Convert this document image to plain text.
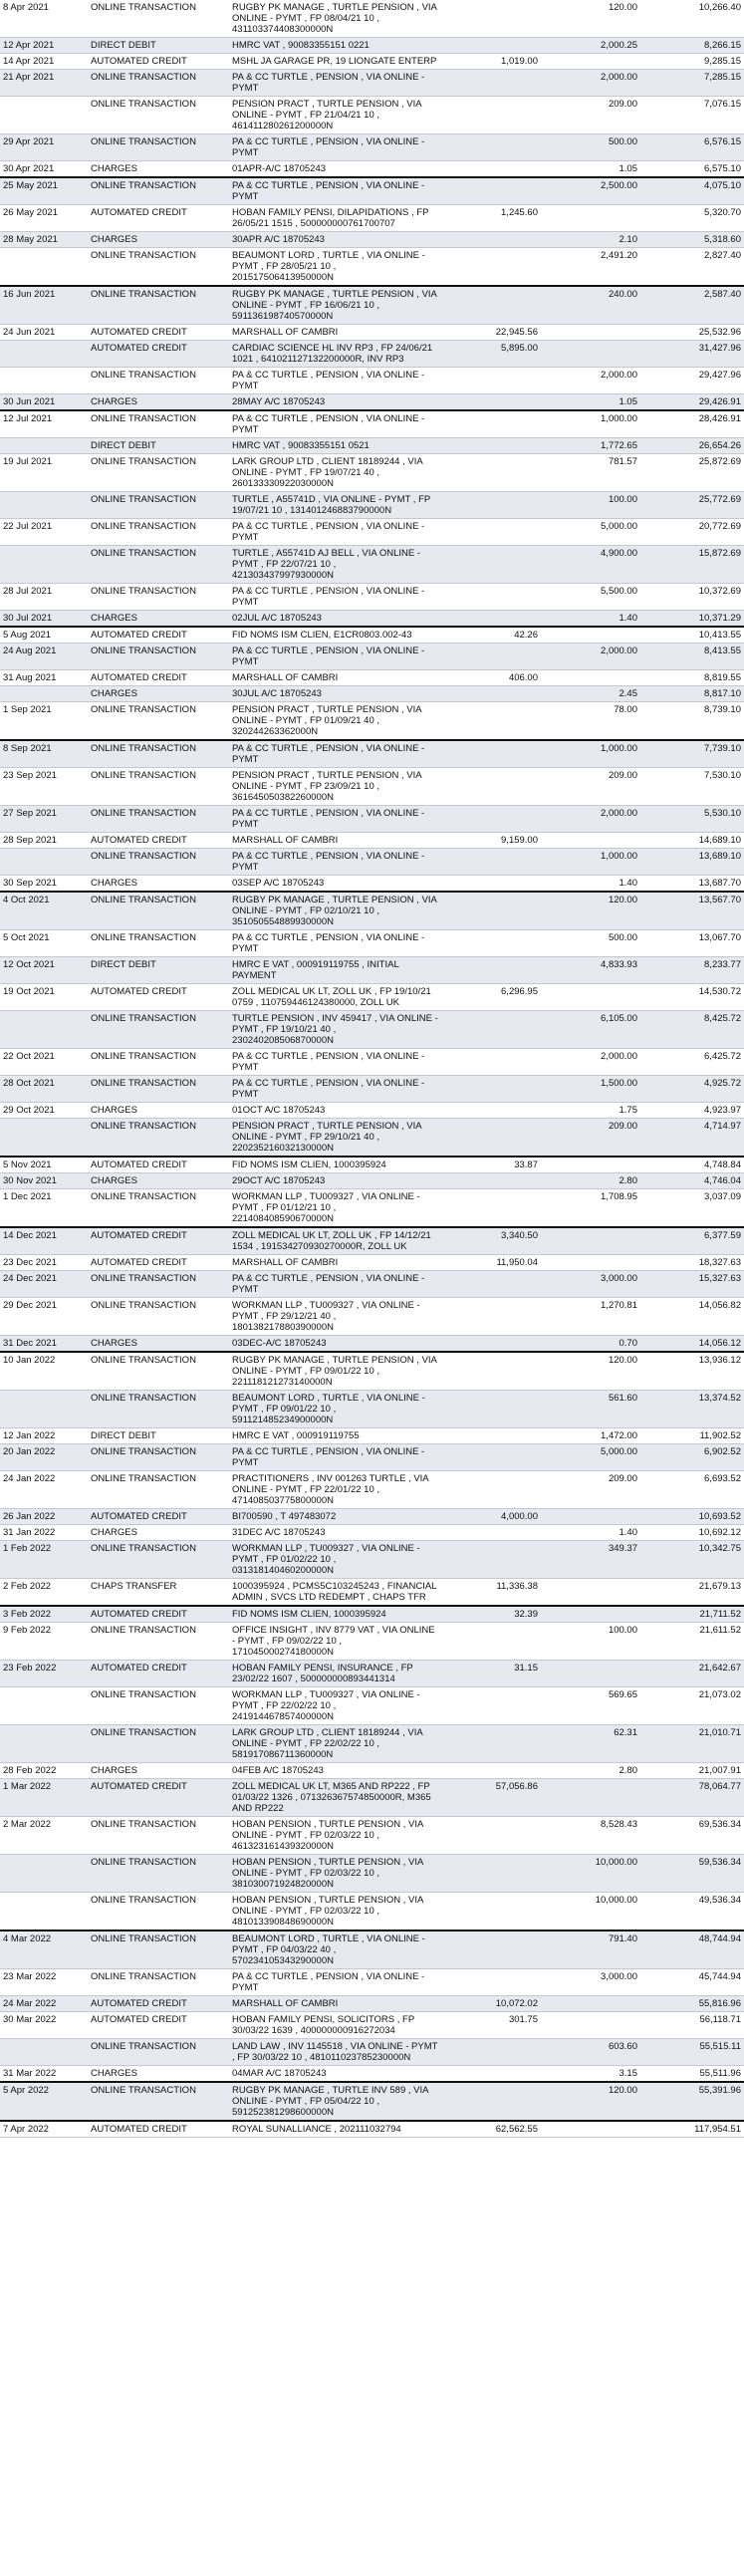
8 Apr 2021	ONLINE TRANSACTION	RUGBY PK MANAGE , TURTLE PENSION , VIA ONLINE - PYMT , FP 08/04/21 10 , 431103374408300000N		120.00	10,266.40
12 Apr 2021	DIRECT DEBIT	HMRC VAT , 90083355151 0221		2,000.25	8,266.15
14 Apr 2021	AUTOMATED CREDIT	MSHL JA GARAGE PR, 19 LIONGATE ENTERP	1,019.00		9,285.15
21 Apr 2021	ONLINE TRANSACTION	PA & CC TURTLE , PENSION , VIA ONLINE - PYMT		2,000.00	7,285.15
	ONLINE TRANSACTION	PENSION PRACT , TURTLE PENSION , VIA ONLINE - PYMT , FP 21/04/21 10 , 461411280261200000N		209.00	7,076.15
29 Apr 2021	ONLINE TRANSACTION	PA & CC TURTLE , PENSION , VIA ONLINE - PYMT		500.00	6,576.15
30 Apr 2021	CHARGES	01APR-A/C 18705243		1.05	6,575.10
25 May 2021	ONLINE TRANSACTION	PA & CC TURTLE , PENSION , VIA ONLINE - PYMT		2,500.00	4,075.10
26 May 2021	AUTOMATED CREDIT	HOBAN FAMILY PENSI, DILAPIDATIONS , FP 26/05/21 1515 , 500000000761700707	1,245.60		5,320.70
28 May 2021	CHARGES	30APR A/C 18705243		2.10	5,318.60
	ONLINE TRANSACTION	BEAUMONT LORD , TURTLE , VIA ONLINE - PYMT , FP 28/05/21 10 , 201517506413950000N		2,491.20	2,827.40
16 Jun 2021	ONLINE TRANSACTION	RUGBY PK MANAGE , TURTLE PENSION , VIA ONLINE - PYMT , FP 16/06/21 10 , 591136198740570000N		240.00	2,587.40
24 Jun 2021	AUTOMATED CREDIT	MARSHALL OF CAMBRI	22,945.56		25,532.96
	AUTOMATED CREDIT	CARDIAC SCIENCE HL INV RP3 , FP 24/06/21 1021 , 641021127132200000R, INV RP3	5,895.00		31,427.96
	ONLINE TRANSACTION	PA & CC TURTLE , PENSION , VIA ONLINE - PYMT		2,000.00	29,427.96
30 Jun 2021	CHARGES	28MAY A/C 18705243		1.05	29,426.91
12 Jul 2021	ONLINE TRANSACTION	PA & CC TURTLE , PENSION , VIA ONLINE - PYMT		1,000.00	28,426.91
	DIRECT DEBIT	HMRC VAT , 90083355151 0521		1,772.65	26,654.26
19 Jul 2021	ONLINE TRANSACTION	LARK GROUP LTD , CLIENT 18189244 , VIA ONLINE - PYMT , FP 19/07/21 40 , 260133330922030000N		781.57	25,872.69
	ONLINE TRANSACTION	TURTLE , A55741D , VIA ONLINE - PYMT , FP 19/07/21 10 , 131401246883790000N		100.00	25,772.69
22 Jul 2021	ONLINE TRANSACTION	PA & CC TURTLE , PENSION , VIA ONLINE - PYMT		5,000.00	20,772.69
	ONLINE TRANSACTION	TURTLE , A55741D AJ BELL , VIA ONLINE - PYMT , FP 22/07/21 10 , 421303437997930000N		4,900.00	15,872.69
28 Jul 2021	ONLINE TRANSACTION	PA & CC TURTLE , PENSION , VIA ONLINE - PYMT		5,500.00	10,372.69
30 Jul 2021	CHARGES	02JUL A/C 18705243		1.40	10,371.29
5 Aug 2021	AUTOMATED CREDIT	FID NOMS ISM CLIEN, E1CR0803.002-43	42.26		10,413.55
24 Aug 2021	ONLINE TRANSACTION	PA & CC TURTLE , PENSION , VIA ONLINE - PYMT		2,000.00	8,413.55
31 Aug 2021	AUTOMATED CREDIT	MARSHALL OF CAMBRI	406.00		8,819.55
	CHARGES	30JUL A/C 18705243		2.45	8,817.10
1 Sep 2021	ONLINE TRANSACTION	PENSION PRACT , TURTLE PENSION , VIA ONLINE - PYMT , FP 01/09/21 40 , 320244263362000N		78.00	8,739.10
8 Sep 2021	ONLINE TRANSACTION	PA & CC TURTLE , PENSION , VIA ONLINE - PYMT		1,000.00	7,739.10
23 Sep 2021	ONLINE TRANSACTION	PENSION PRACT , TURTLE PENSION , VIA ONLINE - PYMT , FP 23/09/21 10 , 361645050382260000N		209.00	7,530.10
27 Sep 2021	ONLINE TRANSACTION	PA & CC TURTLE , PENSION , VIA ONLINE - PYMT		2,000.00	5,530.10
28 Sep 2021	AUTOMATED CREDIT	MARSHALL OF CAMBRI	9,159.00		14,689.10
	ONLINE TRANSACTION	PA & CC TURTLE , PENSION , VIA ONLINE - PYMT		1,000.00	13,689.10
30 Sep 2021	CHARGES	03SEP A/C 18705243		1.40	13,687.70
4 Oct 2021	ONLINE TRANSACTION	RUGBY PK MANAGE , TURTLE PENSION , VIA ONLINE - PYMT , FP 02/10/21 10 , 351050554889930000N		120.00	13,567.70
5 Oct 2021	ONLINE TRANSACTION	PA & CC TURTLE , PENSION , VIA ONLINE - PYMT		500.00	13,067.70
12 Oct 2021	DIRECT DEBIT	HMRC E VAT , 000919119755 , INITIAL PAYMENT		4,833.93	8,233.77
19 Oct 2021	AUTOMATED CREDIT	ZOLL MEDICAL UK LT, ZOLL UK , FP 19/10/21 0759 , 110759446124380000, ZOLL UK	6,296.95		14,530.72
	ONLINE TRANSACTION	TURTLE PENSION , INV 459417 , VIA ONLINE - PYMT , FP 19/10/21 40 , 230240208506870000N		6,105.00	8,425.72
22 Oct 2021	ONLINE TRANSACTION	PA & CC TURTLE , PENSION , VIA ONLINE - PYMT		2,000.00	6,425.72
28 Oct 2021	ONLINE TRANSACTION	PA & CC TURTLE , PENSION , VIA ONLINE - PYMT		1,500.00	4,925.72
29 Oct 2021	CHARGES	01OCT A/C 18705243		1.75	4,923.97
	ONLINE TRANSACTION	PENSION PRACT , TURTLE PENSION , VIA ONLINE - PYMT , FP 29/10/21 40 , 220235216032130000N		209.00	4,714.97
5 Nov 2021	AUTOMATED CREDIT	FID NOMS ISM CLIEN, 1000395924	33.87		4,748.84
30 Nov 2021	CHARGES	29OCT A/C 18705243		2.80	4,746.04
1 Dec 2021	ONLINE TRANSACTION	WORKMAN LLP , TU009327 , VIA ONLINE - PYMT , FP 01/12/21 10 , 221408408590670000N		1,708.95	3,037.09
14 Dec 2021	AUTOMATED CREDIT	ZOLL MEDICAL UK LT, ZOLL UK , FP 14/12/21 1534 , 191534270930270000R, ZOLL UK	3,340.50		6,377.59
23 Dec 2021	AUTOMATED CREDIT	MARSHALL OF CAMBRI	11,950.04		18,327.63
24 Dec 2021	ONLINE TRANSACTION	PA & CC TURTLE , PENSION , VIA ONLINE - PYMT		3,000.00	15,327.63
29 Dec 2021	ONLINE TRANSACTION	WORKMAN LLP , TU009327 , VIA ONLINE - PYMT , FP 29/12/21 40 , 180138217880390000N		1,270.81	14,056.82
31 Dec 2021	CHARGES	03DEC-A/C 18705243		0.70	14,056.12
10 Jan 2022	ONLINE TRANSACTION	RUGBY PK MANAGE , TURTLE PENSION , VIA ONLINE - PYMT , FP 09/01/22 10 , 221118121273140000N		120.00	13,936.12
	ONLINE TRANSACTION	BEAUMONT LORD , TURTLE , VIA ONLINE - PYMT , FP 09/01/22 10 , 591121485234900000N		561.60	13,374.52
12 Jan 2022	DIRECT DEBIT	HMRC E VAT , 000919119755		1,472.00	11,902.52
20 Jan 2022	ONLINE TRANSACTION	PA & CC TURTLE , PENSION , VIA ONLINE - PYMT		5,000.00	6,902.52
24 Jan 2022	ONLINE TRANSACTION	PRACTITIONERS , INV 001263 TURTLE , VIA ONLINE - PYMT , FP 22/01/22 10 , 471408503775800000N		209.00	6,693.52
26 Jan 2022	AUTOMATED CREDIT	BI700590 , T 497483072	4,000.00		10,693.52
31 Jan 2022	CHARGES	31DEC A/C 18705243		1.40	10,692.12
1 Feb 2022	ONLINE TRANSACTION	WORKMAN LLP , TU009327 , VIA ONLINE - PYMT , FP 01/02/22 10 , 031318140460200000N		349.37	10,342.75
2 Feb 2022	CHAPS TRANSFER	1000395924 , PCMS5C103245243 , FINANCIAL ADMIN , SVCS LTD REDEMPT , CHAPS TFR	11,336.38		21,679.13
3 Feb 2022	AUTOMATED CREDIT	FID NOMS ISM CLIEN, 1000395924	32.39		21,711.52
9 Feb 2022	ONLINE TRANSACTION	OFFICE INSIGHT , INV 8779 VAT , VIA ONLINE - PYMT , FP 09/02/22 10 , 171045000274180000N		100.00	21,611.52
23 Feb 2022	AUTOMATED CREDIT	HOBAN FAMILY PENSI, INSURANCE , FP 23/02/22 1607 , 500000000893441314	31.15		21,642.67
	ONLINE TRANSACTION	WORKMAN LLP , TU009327 , VIA ONLINE - PYMT , FP 22/02/22 10 , 241914467857400000N		569.65	21,073.02
	ONLINE TRANSACTION	LARK GROUP LTD , CLIENT 18189244 , VIA ONLINE - PYMT , FP 22/02/22 10 , 581917086711360000N		62.31	21,010.71
28 Feb 2022	CHARGES	04FEB A/C 18705243		2.80	21,007.91
1 Mar 2022	AUTOMATED CREDIT	ZOLL MEDICAL UK LT, M365 AND RP222 , FP 01/03/22 1326 , 071326367574850000R, M365 AND RP222	57,056.86		78,064.77
2 Mar 2022	ONLINE TRANSACTION	HOBAN PENSION , TURTLE PENSION , VIA ONLINE - PYMT , FP 02/03/22 10 , 461323161439320000N		8,528.43	69,536.34
	ONLINE TRANSACTION	HOBAN PENSION , TURTLE PENSION , VIA ONLINE - PYMT , FP 02/03/22 10 , 381030071924820000N		10,000.00	59,536.34
	ONLINE TRANSACTION	HOBAN PENSION , TURTLE PENSION , VIA ONLINE - PYMT , FP 02/03/22 10 , 481013390848690000N		10,000.00	49,536.34
4 Mar 2022	ONLINE TRANSACTION	BEAUMONT LORD , TURTLE , VIA ONLINE - PYMT , FP 04/03/22 40 , 570234105343290000N		791.40	48,744.94
23 Mar 2022	ONLINE TRANSACTION	PA & CC TURTLE , PENSION , VIA ONLINE - PYMT		3,000.00	45,744.94
24 Mar 2022	AUTOMATED CREDIT	MARSHALL OF CAMBRI	10,072.02		55,816.96
30 Mar 2022	AUTOMATED CREDIT	HOBAN FAMILY PENSI, SOLICITORS , FP 30/03/22 1639 , 400000000916272034	301.75		56,118.71
	ONLINE TRANSACTION	LAND LAW , INV 1145518 , VIA ONLINE - PYMT , FP 30/03/22 10 , 481011023785230000N		603.60	55,515.11
31 Mar 2022	CHARGES	04MAR A/C 18705243		3.15	55,511.96
5 Apr 2022	ONLINE TRANSACTION	RUGBY PK MANAGE , TURTLE INV 589 , VIA ONLINE - PYMT , FP 05/04/22 10 , 591252381298600000N		120.00	55,391.96
7 Apr 2022	AUTOMATED CREDIT	ROYAL SUNALLIANCE , 202111032794	62,562.55		117,954.51
